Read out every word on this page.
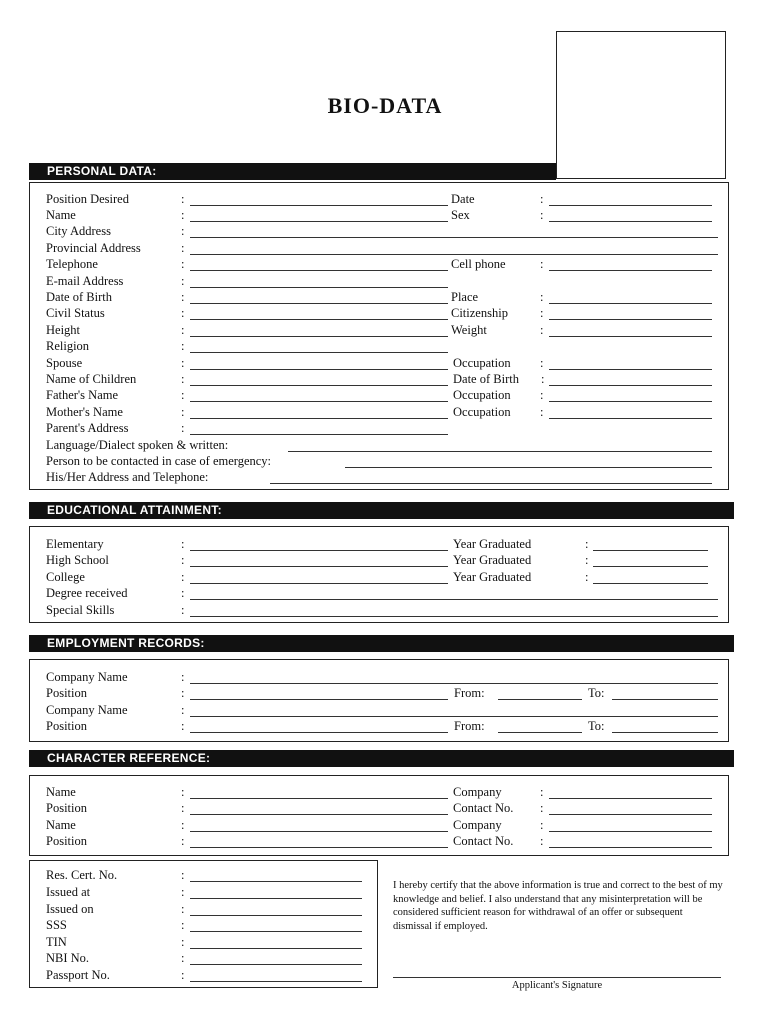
BIO-DATA
PERSONAL DATA:
Position Desired	:	Date	:
Name	:	Sex	:
City Address	:
Provincial Address	:
Telephone	:	Cell phone	:
E-mail Address	:
Date of Birth	:	Place	:
Civil Status	:	Citizenship	:
Height	:	Weight	:
Religion	:
Spouse	:	Occupation :
Name of Children	:	Date of Birth :
Father's Name	:	Occupation :
Mother's Name	:	Occupation :
Parent's Address	:
Language/Dialect spoken & written:
Person to be contacted in case of emergency:
His/Her Address and Telephone:
EDUCATIONAL ATTAINMENT:
Elementary	:	Year Graduated	:
High School	:	Year Graduated	:
College	:	Year Graduated	:
Degree received	:
Special Skills	:
EMPLOYMENT RECORDS:
Company Name	:
Position	:	From:	To:
Company Name	:
Position	:	From:	To:
CHARACTER REFERENCE:
Name	:	Company	:
Position	:	Contact No. :
Name	:	Company	:
Position	:	Contact No. :
Res. Cert. No.	:
Issued at	:
Issued on	:
SSS	:
TIN	:
NBI No.	:
Passport No.	:
I hereby certify that the above information is true and correct to the best of my knowledge and belief. I also understand that any misinterpretation will be considered sufficient reason for withdrawal of an offer or subsequent dismissal if employed.
Applicant's Signature
